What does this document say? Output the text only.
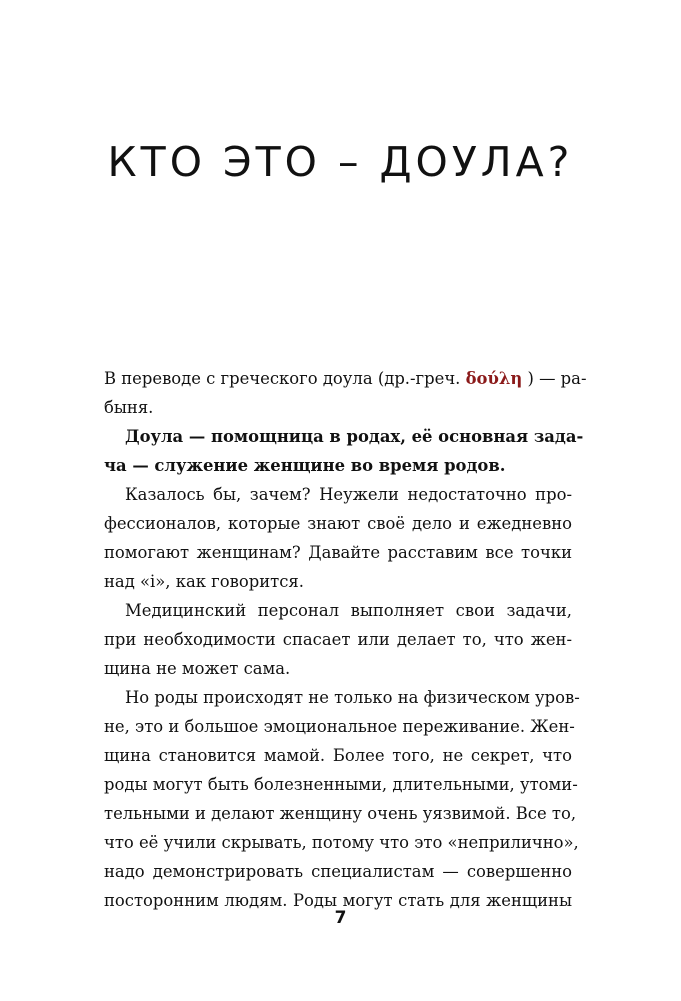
КТО ЭТО – ДОУЛА?
В переводе с греческого доула (др.-греч. δούλη ) — ра-
быня.
Доула — помощница в родах, её основная зада-
ча — служение женщине во время родов.
Казалось бы, зачем? Неужели недостаточно про-
фессионалов, которые знают своё дело и ежедневно
помогают женщинам? Давайте расставим все точки
над «i», как говорится.
Медицинский персонал выполняет свои задачи,
при необходимости спасает или делает то, что жен-
щина не может сама.
Но роды происходят не только на физическом уров-
не, это и большое эмоциональное переживание. Жен-
щина становится мамой. Более того, не секрет, что
роды могут быть болезненными, длительными, утоми-
тельными и делают женщину очень уязвимой. Все то,
что её учили скрывать, потому что это «неприлично»,
надо демонстрировать специалистам — совершенно
посторонним людям. Роды могут стать для женщины
7
